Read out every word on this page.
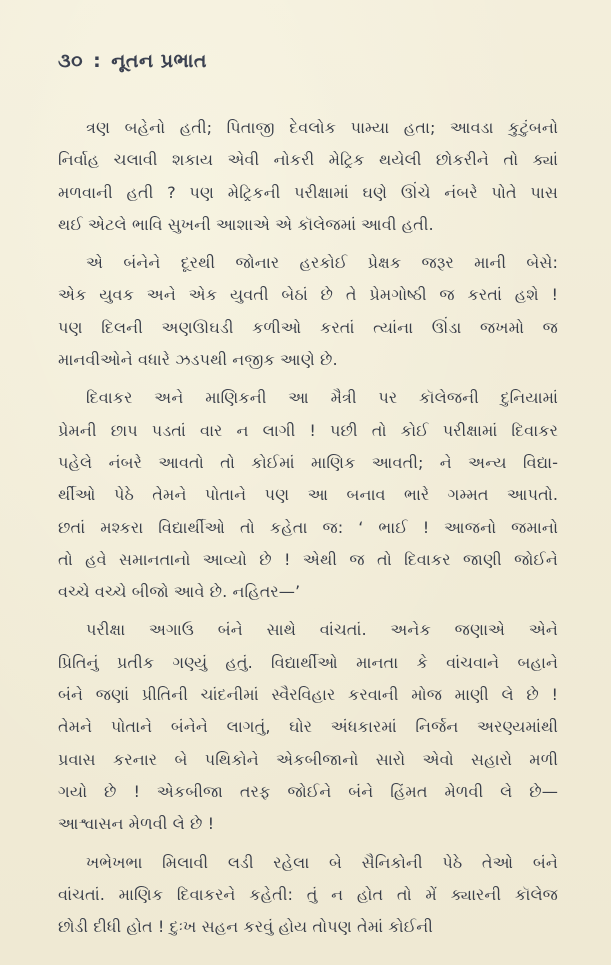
૩૦ : નૂતન પ્રભાત
ત્રણ બહેનો હતી; પિતાજી દેવલોક પામ્યા હતા; આવડા કુટુંબનો
નિર્વાહ ચલાવી શકાય એવી નોકરી મેટ્રિક થયેલી છોકરીને તો ક્યાં
મળવાની હતી ? પણ મેટ્રિકની પરીક્ષામાં ઘણે ઊંચે નંબરે પોતે પાસ
થઈ એટલે ભાવિ સુખની આશાએ એ કૉલેજમાં આવી હતી.
એ બંનેને દૂરથી જોનાર હરકોઈ પ્રેક્ષક જરૂર માની બેસે:
એક યુવક અને એક યુવતી બેઠાં છે તે પ્રેમગોષ્ઠી જ કરતાં હશે !
પણ દિલની અણઊઘડી કળીઓ કરતાં ત્યાંના ઊંડા જખમો જ
માનવીઓને વધારે ઝડપથી નજીક આણે છે.
દિવાકર અને માણિકની આ મૈત્રી પર કૉલેજની દુનિયામાં
પ્રેમની છાપ પડતાં વાર ન લાગી ! પછી તો કોઈ પરીક્ષામાં દિવાકર
પહેલે નંબરે આવતો તો કોઈમાં માણિક આવતી; ને અન્ય વિદ્યા-
ર્થીઓ પેઠે તેમને પોતાને પણ આ બનાવ ભારે ગમ્મત આપતો.
છતાં મશ્કરા વિદ્યાર્થીઓ તો કહેતા જ: ‘ ભાઈ ! આજનો જમાનો
તો હવે સમાનતાનો આવ્યો છે ! એથી જ તો દિવાકર જાણી જોઈને
વચ્ચે વચ્ચે બીજો આવે છે. નહિતર—’
પરીક્ષા અગાઉ બંને સાથે વાંચતાં. અનેક જણાએ એને
પ્રિતિનું પ્રતીક ગણ્યું હતું. વિદ્યાર્થીઓ માનતા કે વાંચવાને બહાને
બંને જણાં પ્રીતિની ચાંદનીમાં સ્વૈરવિહાર કરવાની મોજ માણી લે છે !
તેમને પોતાને બંનેને લાગતું, ઘોર અંધકારમાં નિર્જન અરણ્યમાંથી
પ્રવાસ કરનાર બે પથિકોને એકબીજાનો સારો એવો સહારો મળી
ગયો છે ! એકબીજા તરફ જોઈને બંને હિંમત મેળવી લે છે—
આશ્વાસન મેળવી લે છે !
ખભેખભા મિલાવી લડી રહેલા બે સૈનિકોની પેઠે તેઓ બંને
વાંચતાં. માણિક દિવાકરને કહેતી: તું ન હોત તો મેં ક્યારની કૉલેજ
છોડી દીધી હોત ! દુઃખ સહન કરવું હોય તોપણ તેમાં કોઈની
